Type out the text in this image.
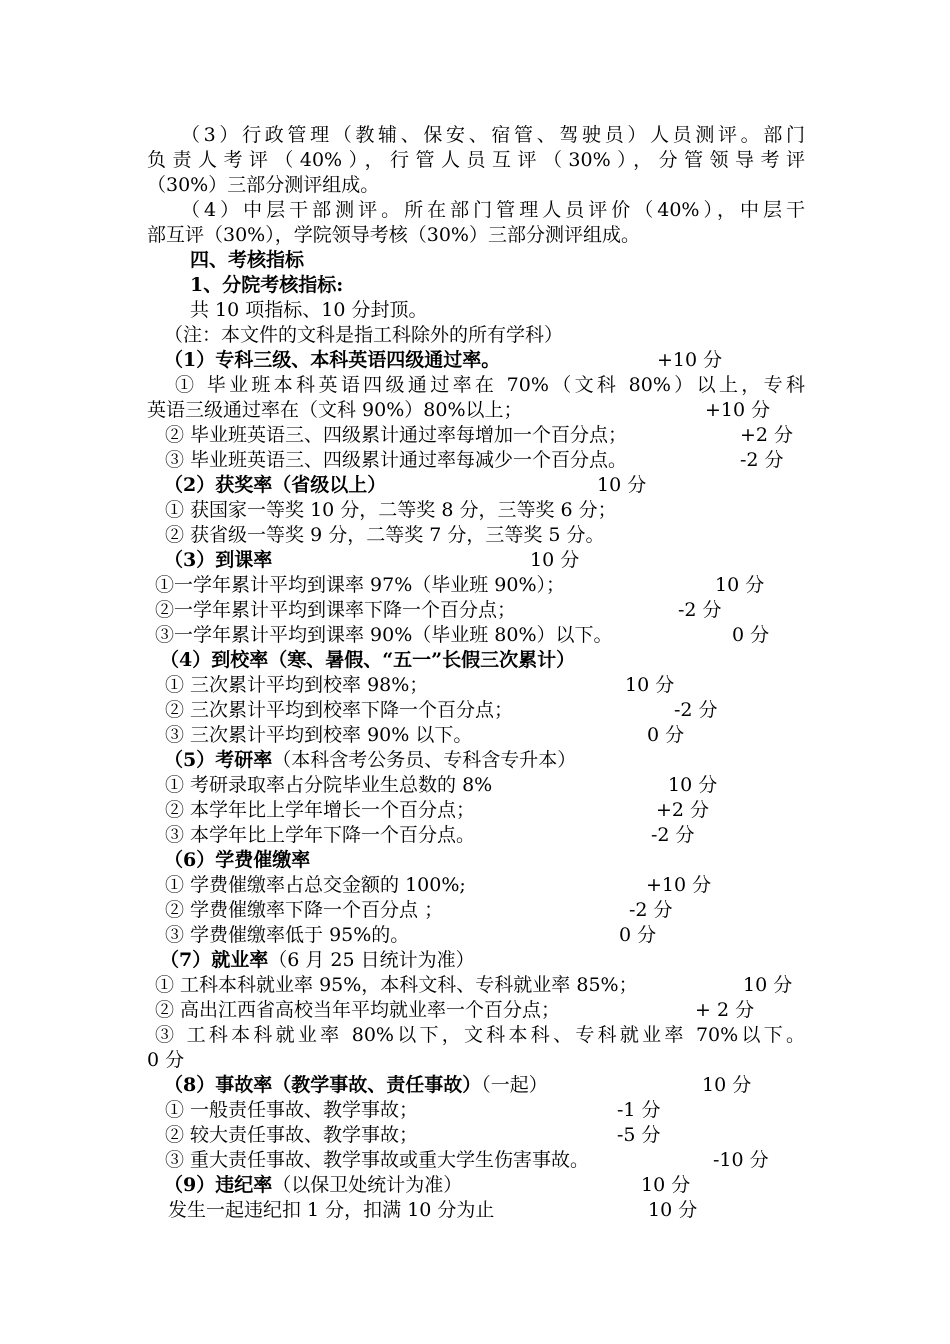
（3）行政管理（教辅、保安、宿管、驾驶员）人员测评。部门
负责人考评（40%），行管人员互评（30%），分管领导考评
（30%）三部分测评组成。
（4）中层干部测评。所在部门管理人员评价（40%），中层干
部互评（30%），学院领导考核（30%）三部分测评组成。
四、考核指标
1、分院考核指标:
共 10 项指标、10 分封顶。
（注：本文件的文科是指工科除外的所有学科）
（1）专科三级、本科英语四级通过率。	+10 分
① 毕业班本科英语四级通过率在 70%（文科 80%）以上，专科
英语三级通过率在（文科 90%）80%以上；	+10 分
② 毕业班英语三、四级累计通过率每增加一个百分点；	+2 分
③ 毕业班英语三、四级累计通过率每减少一个百分点。	-2 分
（2）获奖率（省级以上）	10 分
① 获国家一等奖 10 分，二等奖 8 分，三等奖 6 分；
② 获省级一等奖 9 分，二等奖 7 分，三等奖 5 分。
（3）到课率	10 分
①一学年累计平均到课率 97%（毕业班 90%）；	10 分
②一学年累计平均到课率下降一个百分点；	-2 分
③一学年累计平均到课率 90%（毕业班 80%）以下。	0 分
（4）到校率（寒、暑假、“五一”长假三次累计）
① 三次累计平均到校率 98%；	10 分
② 三次累计平均到校率下降一个百分点；	-2 分
③ 三次累计平均到校率 90% 以下。	0 分
（5）考研率（本科含考公务员、专科含专升本）
① 考研录取率占分院毕业生总数的 8%	10 分
② 本学年比上学年增长一个百分点；	+2 分
③ 本学年比上学年下降一个百分点。	-2 分
（6）学费催缴率
① 学费催缴率占总交金额的 100%;	+10 分
② 学费催缴率下降一个百分点 ；	-2 分
③ 学费催缴率低于 95%的。	0 分
（7）就业率（6 月 25 日统计为准）
① 工科本科就业率 95%，本科文科、专科就业率 85%；	10 分
② 高出江西省高校当年平均就业率一个百分点；	+ 2 分
③ 工科本科就业率 80%以下，文科本科、专科就业率 70%以下。
0 分
（8）事故率（教学事故、责任事故）（一起）	10 分
① 一般责任事故、教学事故；	-1 分
② 较大责任事故、教学事故；	-5 分
③ 重大责任事故、教学事故或重大学生伤害事故。	-10 分
（9）违纪率（以保卫处统计为准）	10 分
发生一起违纪扣 1 分，扣满 10 分为止	10 分
